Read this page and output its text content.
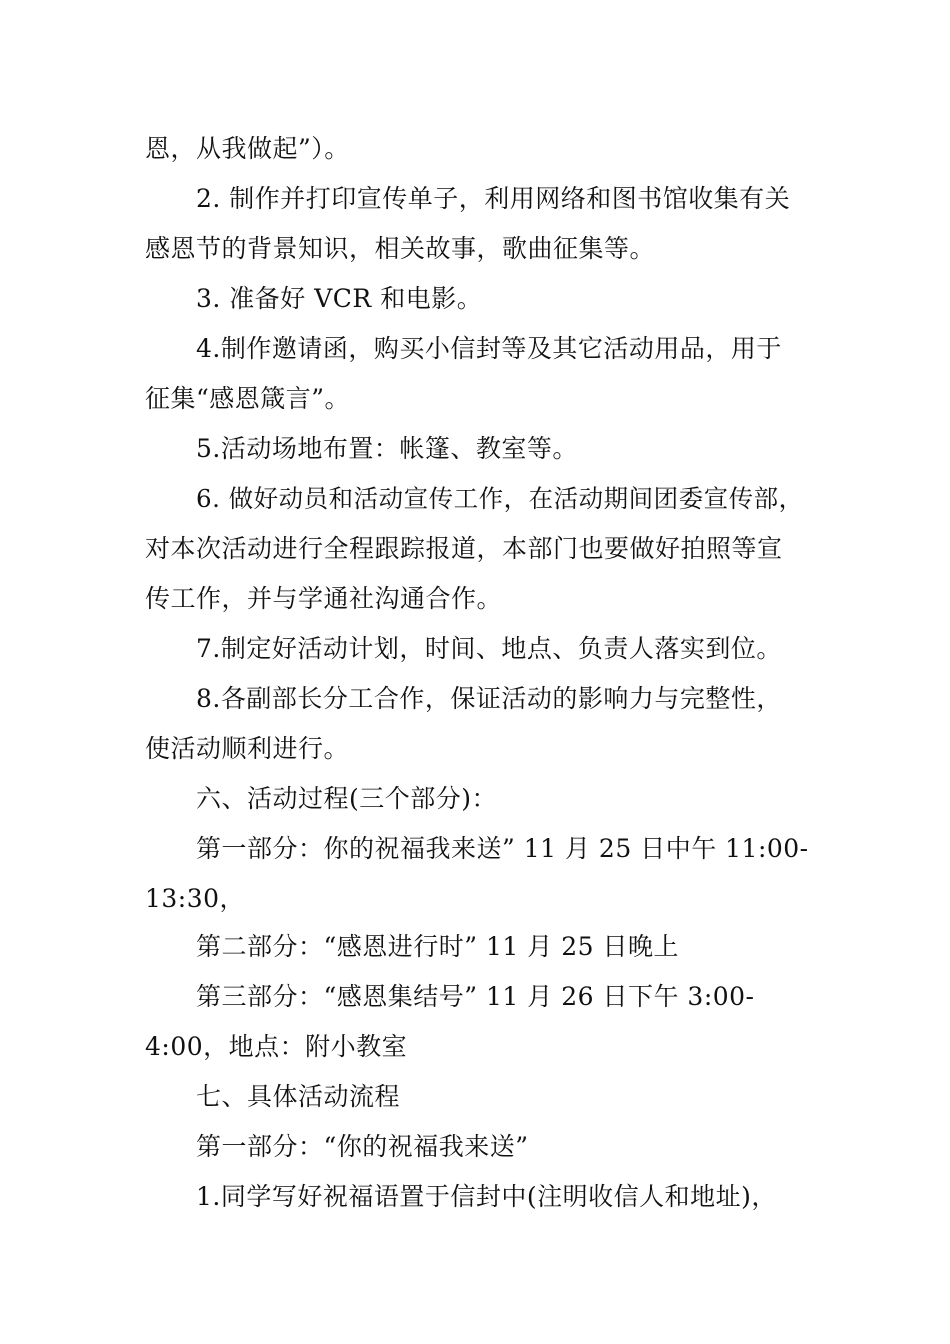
恩，从我做起”）。
2. 制作并打印宣传单子，利用网络和图书馆收集有关
感恩节的背景知识，相关故事，歌曲征集等。
3. 准备好 VCR 和电影。
4.制作邀请函，购买小信封等及其它活动用品，用于
征集“感恩箴言”。
5.活动场地布置：帐篷、教室等。
6. 做好动员和活动宣传工作，在活动期间团委宣传部，
对本次活动进行全程跟踪报道，本部门也要做好拍照等宣
传工作，并与学通社沟通合作。
7.制定好活动计划，时间、地点、负责人落实到位。
8.各副部长分工合作，保证活动的影响力与完整性，
使活动顺利进行。
六、活动过程(三个部分)：
第一部分：你的祝福我来送” 11 月 25 日中午 11:00-
13:30，
第二部分：“感恩进行时” 11 月 25 日晚上
第三部分：“感恩集结号” 11 月 26 日下午 3:00-
4:00，地点：附小教室
七、具体活动流程
第一部分：“你的祝福我来送”
1.同学写好祝福语置于信封中(注明收信人和地址)，
